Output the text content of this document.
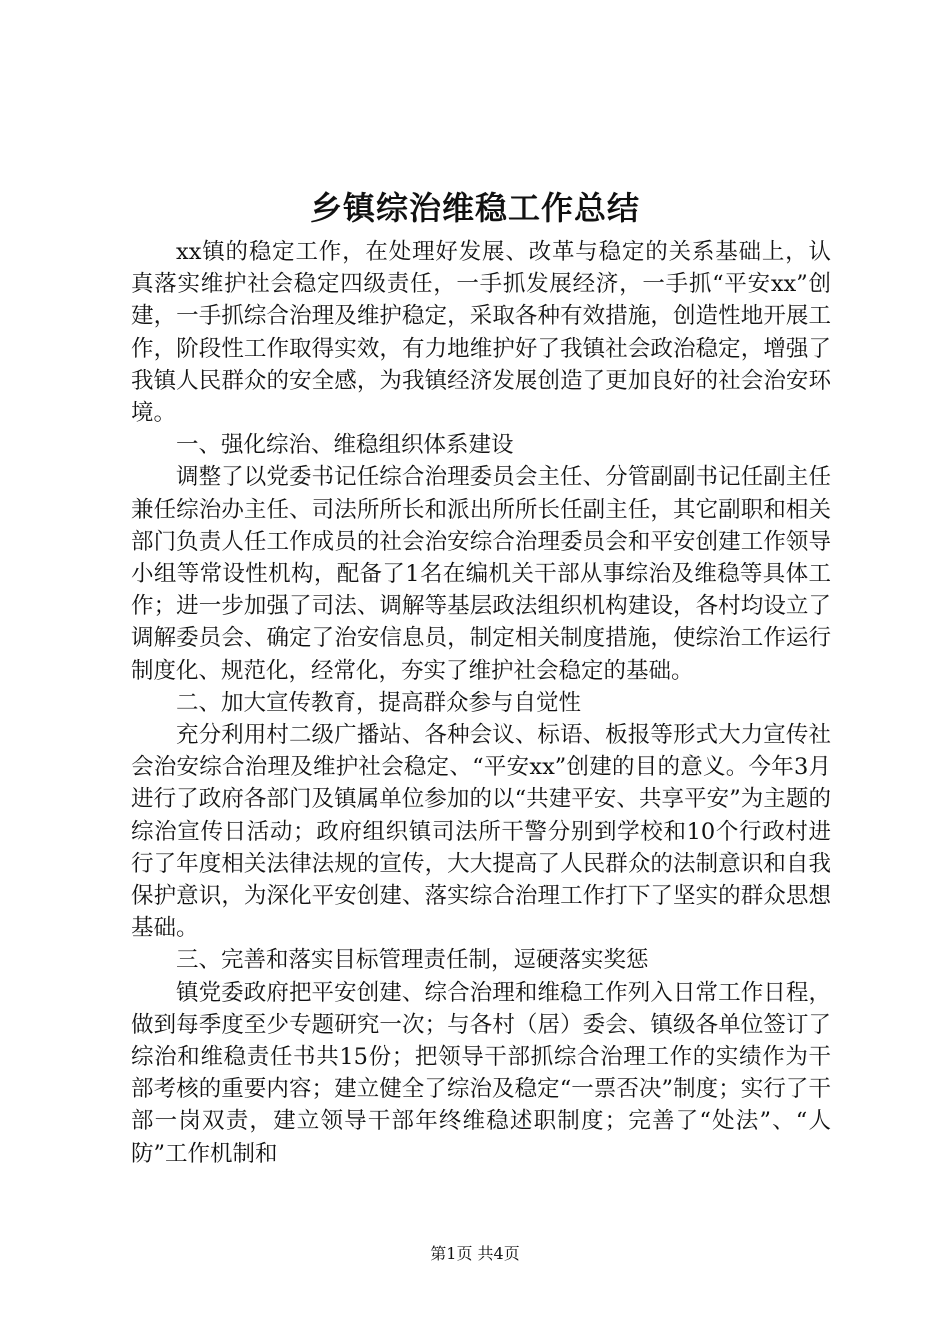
乡镇综治维稳工作总结

xx镇的稳定工作，在处理好发展、改革与稳定的关系基础上，认真落实维护社会稳定四级责任，一手抓发展经济，一手抓“平安xx”创建，一手抓综合治理及维护稳定，采取各种有效措施，创造性地开展工作，阶段性工作取得实效，有力地维护好了我镇社会政治稳定，增强了我镇人民群众的安全感，为我镇经济发展创造了更加良好的社会治安环境。

一、强化综治、维稳组织体系建设

调整了以党委书记任综合治理委员会主任、分管副副书记任副主任兼任综治办主任、司法所所长和派出所所长任副主任，其它副职和相关部门负责人任工作成员的社会治安综合治理委员会和平安创建工作领导小组等常设性机构，配备了1名在编机关干部从事综治及维稳等具体工作；进一步加强了司法、调解等基层政法组织机构建设，各村均设立了调解委员会、确定了治安信息员，制定相关制度措施，使综治工作运行制度化、规范化，经常化，夯实了维护社会稳定的基础。

二、加大宣传教育，提高群众参与自觉性

充分利用村二级广播站、各种会议、标语、板报等形式大力宣传社会治安综合治理及维护社会稳定、“平安xx”创建的目的意义。今年3月进行了政府各部门及镇属单位参加的以“共建平安、共享平安”为主题的综治宣传日活动；政府组织镇司法所干警分别到学校和10个行政村进行了年度相关法律法规的宣传，大大提高了人民群众的法制意识和自我保护意识，为深化平安创建、落实综合治理工作打下了坚实的群众思想基础。

三、完善和落实目标管理责任制，逗硬落实奖惩

镇党委政府把平安创建、综合治理和维稳工作列入日常工作日程，做到每季度至少专题研究一次；与各村（居）委会、镇级各单位签订了综治和维稳责任书共15份；把领导干部抓综合治理工作的实绩作为干部考核的重要内容；建立健全了综治及稳定“一票否决”制度；实行了干部一岗双责，建立领导干部年终维稳述职制度；完善了“处法”、“人防”工作机制和

第1页 共4页
